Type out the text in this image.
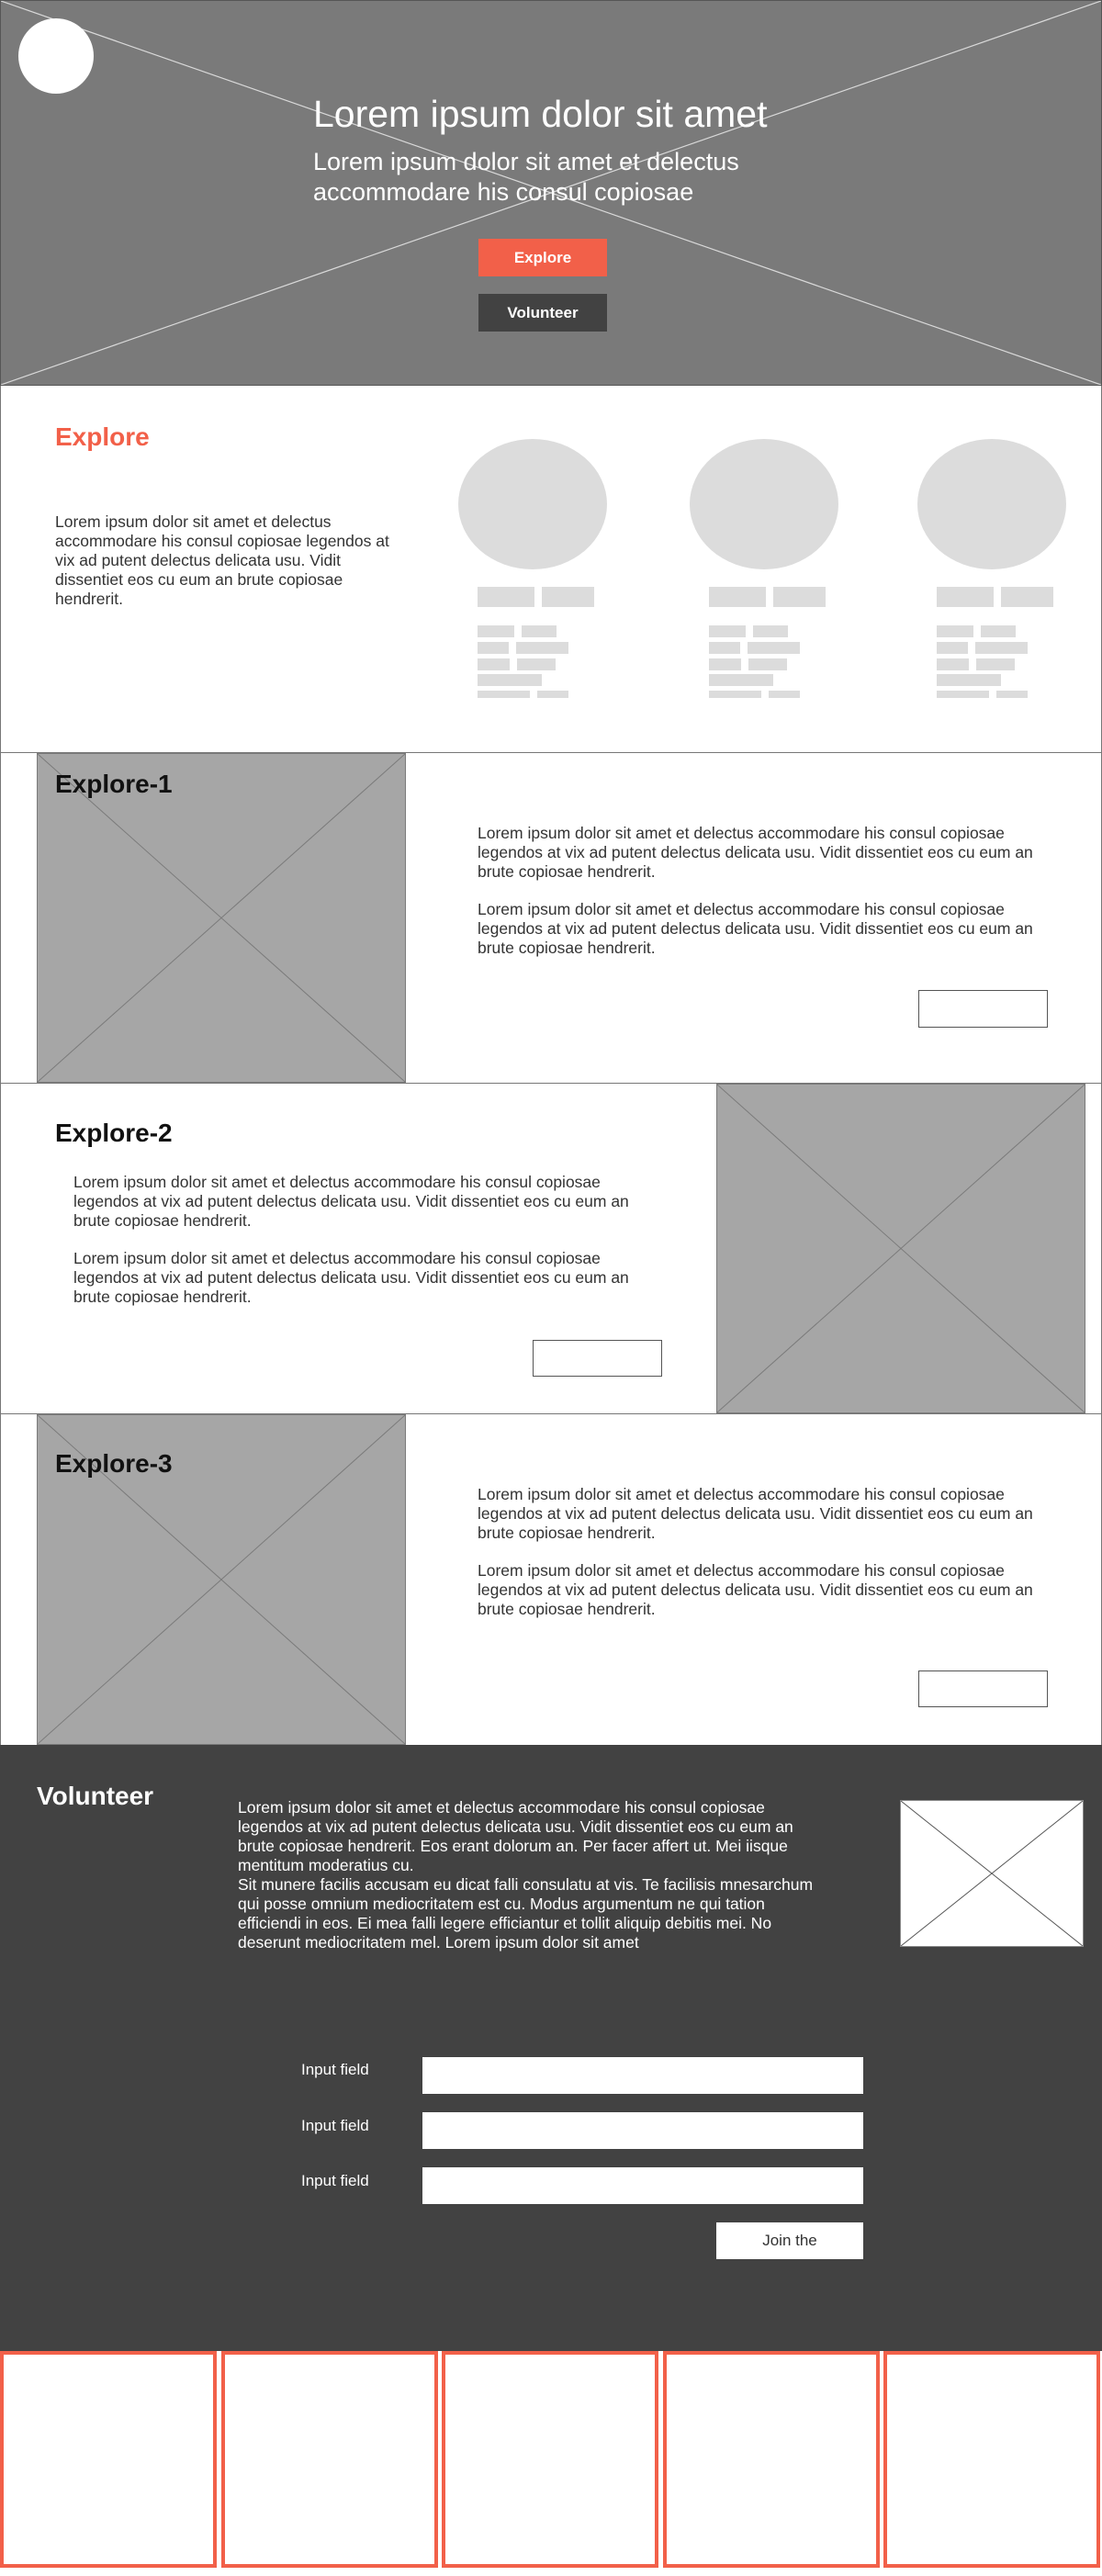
Lorem ipsum dolor sit amet
Lorem ipsum dolor sit amet et delectus
accommodare his consul copiosae
Explore
Volunteer
Explore
Lorem ipsum dolor sit amet et delectus accommodare his consul copiosae legendos at vix ad putent delectus delicata usu. Vidit dissentiet eos cu eum an brute copiosae hendrerit.
Explore-1
Lorem ipsum dolor sit amet et delectus accommodare his consul copiosae legendos at vix ad putent delectus delicata usu. Vidit dissentiet eos cu eum an brute copiosae hendrerit.
Lorem ipsum dolor sit amet et delectus accommodare his consul copiosae legendos at vix ad putent delectus delicata usu. Vidit dissentiet eos cu eum an brute copiosae hendrerit.
Explore-2
Lorem ipsum dolor sit amet et delectus accommodare his consul copiosae legendos at vix ad putent delectus delicata usu. Vidit dissentiet eos cu eum an brute copiosae hendrerit.
Lorem ipsum dolor sit amet et delectus accommodare his consul copiosae legendos at vix ad putent delectus delicata usu. Vidit dissentiet eos cu eum an brute copiosae hendrerit.
Explore-3
Lorem ipsum dolor sit amet et delectus accommodare his consul copiosae legendos at vix ad putent delectus delicata usu. Vidit dissentiet eos cu eum an brute copiosae hendrerit.
Lorem ipsum dolor sit amet et delectus accommodare his consul copiosae legendos at vix ad putent delectus delicata usu. Vidit dissentiet eos cu eum an brute copiosae hendrerit.
Volunteer	Lorem ipsum dolor sit amet et delectus accommodare his consul copiosae legendos at vix ad putent delectus delicata usu. Vidit dissentiet eos cu eum an brute copiosae hendrerit. Eos erant dolorum an. Per facer affert ut. Mei iisque mentitum moderatius cu.
Sit munere facilis accusam eu dicat falli consulatu at vis. Te facilisis mnesarchum qui posse omnium mediocritatem est cu. Modus argumentum ne qui tation efficiendi in eos. Ei mea falli legere efficiantur et tollit aliquip debitis mei. No deserunt mediocritatem mel. Lorem ipsum dolor sit amet
Input field
Input field
Input field
Join the
